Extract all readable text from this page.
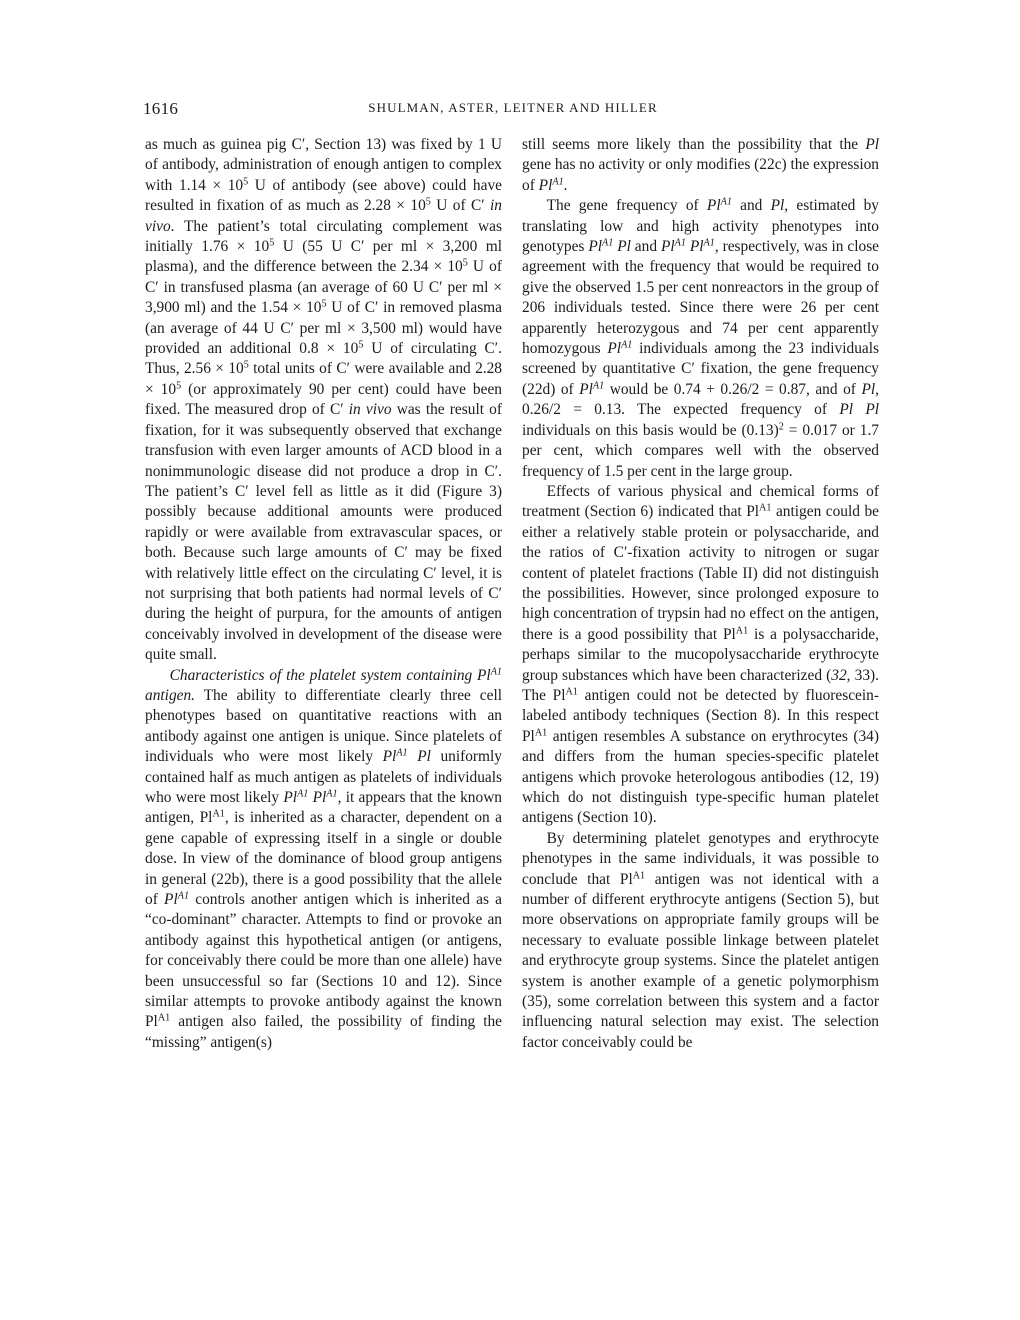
1616	SHULMAN, ASTER, LEITNER AND HILLER

as much as guinea pig C′, Section 13) was fixed by 1 U of antibody, administration of enough antigen to complex with $1.14 \times 10^5$ U of antibody (see above) could have resulted in fixation of as much as $2.28 \times 10^5$ U of C′ in vivo. The patient’s total circulating complement was initially $1.76 \times 10^5$ U (55 U C′ per ml × 3,200 ml plasma), and the difference between the $2.34 \times 10^5$ U of C′ in transfused plasma (an average of 60 U C′ per ml × 3,900 ml) and the $1.54 \times 10^5$ U of C′ in removed plasma (an average of 44 U C′ per ml × 3,500 ml) would have provided an additional $0.8 \times 10^5$ U of circulating C′. Thus, $2.56 \times 10^5$ total units of C′ were available and $2.28 \times 10^5$ (or approximately 90 per cent) could have been fixed. The measured drop of C′ in vivo was the result of fixation, for it was subsequently observed that exchange transfusion with even larger amounts of ACD blood in a nonimmunologic disease did not produce a drop in C′. The patient’s C′ level fell as little as it did (Figure 3) possibly because additional amounts were produced rapidly or were available from extravascular spaces, or both. Because such large amounts of C′ may be fixed with relatively little effect on the circulating C′ level, it is not surprising that both patients had normal levels of C′ during the height of purpura, for the amounts of antigen conceivably involved in development of the disease were quite small.

Characteristics of the platelet system containing $Pl^{A1}$ antigen. The ability to differentiate clearly three cell phenotypes based on quantitative reactions with an antibody against one antigen is unique. Since platelets of individuals who were most likely $Pl^{A1}$ Pl uniformly contained half as much antigen as platelets of individuals who were most likely $Pl^{A1}$ $Pl^{A1}$, it appears that the known antigen, $Pl^{A1}$, is inherited as a character, dependent on a gene capable of expressing itself in a single or double dose. In view of the dominance of blood group antigens in general (22b), there is a good possibility that the allele of $Pl^{A1}$ controls another antigen which is inherited as a “co-dominant” character. Attempts to find or provoke an antibody against this hypothetical antigen (or antigens, for conceivably there could be more than one allele) have been unsuccessful so far (Sections 10 and 12). Since similar attempts to provoke antibody against the known $Pl^{A1}$ antigen also failed, the possibility of finding the “missing” antigen(s)

still seems more likely than the possibility that the Pl gene has no activity or only modifies (22c) the expression of $Pl^{A1}$.

The gene frequency of $Pl^{A1}$ and Pl, estimated by translating low and high activity phenotypes into genotypes $Pl^{A1}$ Pl and $Pl^{A1}$ $Pl^{A1}$, respectively, was in close agreement with the frequency that would be required to give the observed 1.5 per cent nonreactors in the group of 206 individuals tested. Since there were 26 per cent apparently heterozygous and 74 per cent apparently homozygous $Pl^{A1}$ individuals among the 23 individuals screened by quantitative C′ fixation, the gene frequency (22d) of $Pl^{A1}$ would be 0.74 + 0.26/2 = 0.87, and of Pl, 0.26/2 = 0.13. The expected frequency of Pl Pl individuals on this basis would be $(0.13)^2 = 0.017$ or 1.7 per cent, which compares well with the observed frequency of 1.5 per cent in the large group.

Effects of various physical and chemical forms of treatment (Section 6) indicated that $Pl^{A1}$ antigen could be either a relatively stable protein or polysaccharide, and the ratios of C′-fixation activity to nitrogen or sugar content of platelet fractions (Table II) did not distinguish the possibilities. However, since prolonged exposure to high concentration of trypsin had no effect on the antigen, there is a good possibility that $Pl^{A1}$ is a polysaccharide, perhaps similar to the mucopolysaccharide erythrocyte group substances which have been characterized (32, 33). The $Pl^{A1}$ antigen could not be detected by fluorescein-labeled antibody techniques (Section 8). In this respect $Pl^{A1}$ antigen resembles A substance on erythrocytes (34) and differs from the human species-specific platelet antigens which provoke heterologous antibodies (12, 19) which do not distinguish type-specific human platelet antigens (Section 10).

By determining platelet genotypes and erythrocyte phenotypes in the same individuals, it was possible to conclude that $Pl^{A1}$ antigen was not identical with a number of different erythrocyte antigens (Section 5), but more observations on appropriate family groups will be necessary to evaluate possible linkage between platelet and erythrocyte group systems. Since the platelet antigen system is another example of a genetic polymorphism (35), some correlation between this system and a factor influencing natural selection may exist. The selection factor conceivably could be
